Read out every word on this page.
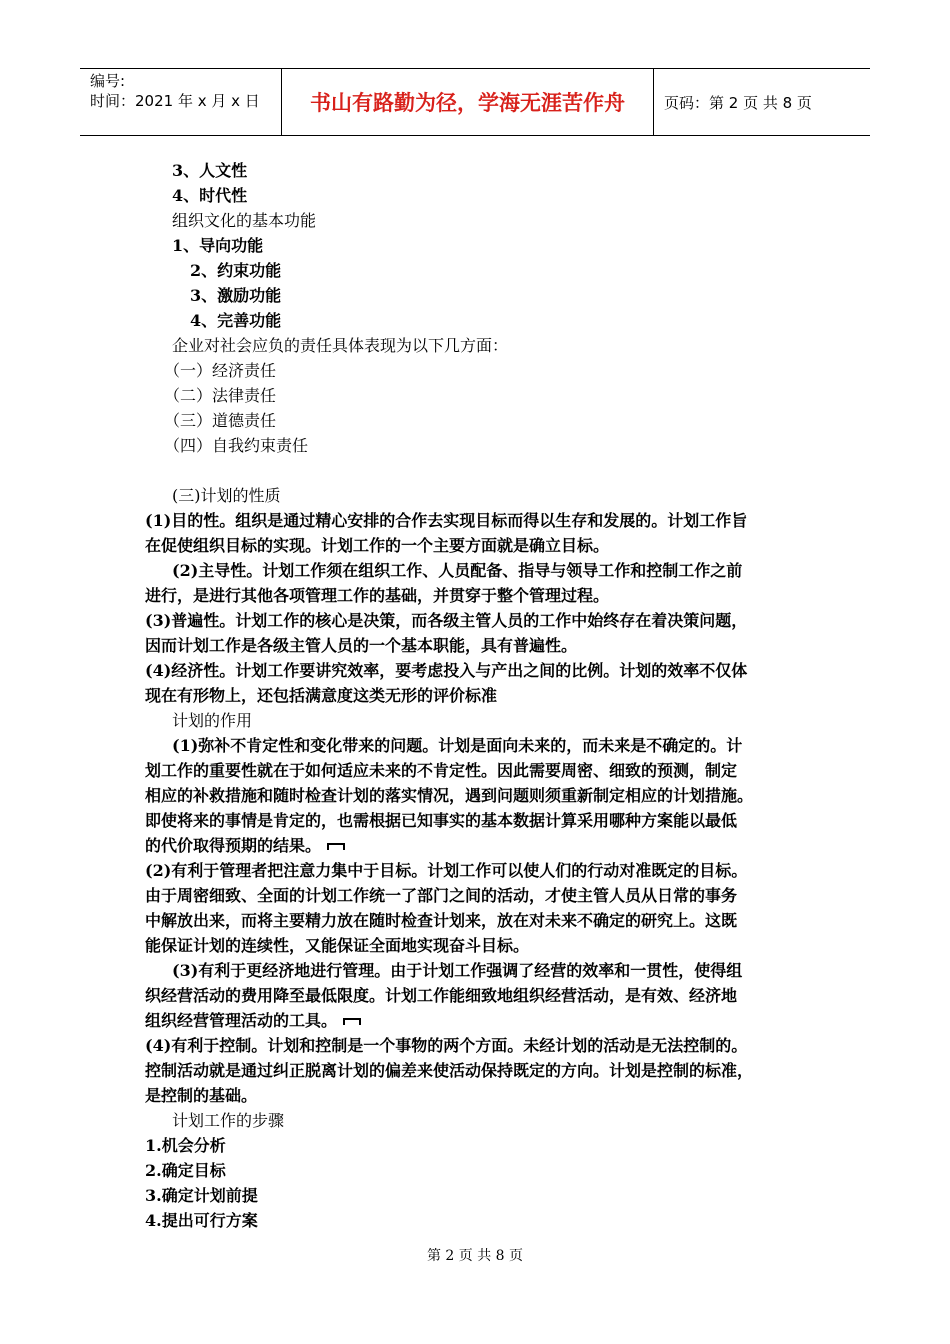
编号:
时间：2021 年 x 月 x 日	书山有路勤为径，学海无涯苦作舟	页码：第 2 页 共 8 页
3、人文性
4、时代性
组织文化的基本功能
1、导向功能
2、约束功能
3、激励功能
4、完善功能
企业对社会应负的责任具体表现为以下几方面：
（一）经济责任
（二）法律责任
（三）道德责任
（四）自我约束责任
(三)计划的性质
(1)目的性。组织是通过精心安排的合作去实现目标而得以生存和发展的。计划工作旨
在促使组织目标的实现。计划工作的一个主要方面就是确立目标。
(2)主导性。计划工作须在组织工作、人员配备、指导与领导工作和控制工作之前
进行，是进行其他各项管理工作的基础，并贯穿于整个管理过程。
(3)普遍性。计划工作的核心是决策，而各级主管人员的工作中始终存在着决策问题，
因而计划工作是各级主管人员的一个基本职能，具有普遍性。
(4)经济性。计划工作要讲究效率，要考虑投入与产出之间的比例。计划的效率不仅体
现在有形物上，还包括满意度这类无形的评价标准
计划的作用
(1)弥补不肯定性和变化带来的问题。计划是面向未来的，而未来是不确定的。计
划工作的重要性就在于如何适应未来的不肯定性。因此需要周密、细致的预测，制定
相应的补救措施和随时检查计划的落实情况，遇到问题则须重新制定相应的计划措施。
即使将来的事情是肯定的，也需根据已知事实的基本数据计算采用哪种方案能以最低
的代价取得预期的结果。
(2)有利于管理者把注意力集中于目标。计划工作可以使人们的行动对准既定的目标。
由于周密细致、全面的计划工作统一了部门之间的活动，才使主管人员从日常的事务
中解放出来，而将主要精力放在随时检查计划来，放在对未来不确定的研究上。这既
能保证计划的连续性，又能保证全面地实现奋斗目标。
(3)有利于更经济地进行管理。由于计划工作强调了经营的效率和一贯性，使得组
织经营活动的费用降至最低限度。计划工作能细致地组织经营活动，是有效、经济地
组织经营管理活动的工具。
(4)有利于控制。计划和控制是一个事物的两个方面。未经计划的活动是无法控制的。
控制活动就是通过纠正脱离计划的偏差来使活动保持既定的方向。计划是控制的标准，
是控制的基础。
计划工作的步骤
1.机会分析
2.确定目标
3.确定计划前提
4.提出可行方案
第 2 页 共 8 页
